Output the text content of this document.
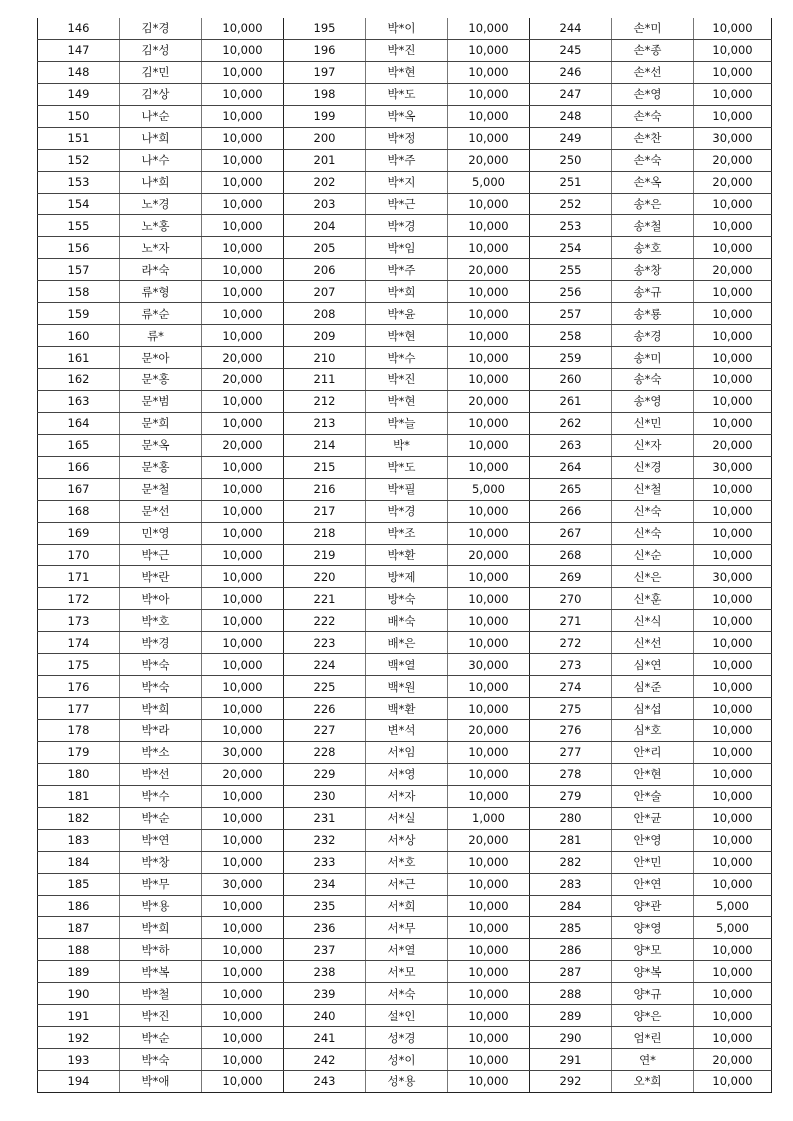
146	김*경	10,000	195	박*이	10,000	244	손*미	10,000
147	김*성	10,000	196	박*진	10,000	245	손*종	10,000
148	김*민	10,000	197	박*현	10,000	246	손*선	10,000
149	김*상	10,000	198	박*도	10,000	247	손*영	10,000
150	나*순	10,000	199	박*옥	10,000	248	손*숙	10,000
151	나*희	10,000	200	박*정	10,000	249	손*찬	30,000
152	나*수	10,000	201	박*주	20,000	250	손*숙	20,000
153	나*희	10,000	202	박*지	5,000	251	손*옥	20,000
154	노*경	10,000	203	박*근	10,000	252	송*은	10,000
155	노*홍	10,000	204	박*경	10,000	253	송*철	10,000
156	노*자	10,000	205	박*임	10,000	254	송*호	10,000
157	라*숙	10,000	206	박*주	20,000	255	송*창	20,000
158	류*형	10,000	207	박*희	10,000	256	송*규	10,000
159	류*순	10,000	208	박*윤	10,000	257	송*룡	10,000
160	류*	10,000	209	박*현	10,000	258	송*경	10,000
161	문*아	20,000	210	박*수	10,000	259	송*미	10,000
162	문*홍	20,000	211	박*진	10,000	260	송*숙	10,000
163	문*범	10,000	212	박*현	20,000	261	송*영	10,000
164	문*희	10,000	213	박*늘	10,000	262	신*민	10,000
165	문*옥	20,000	214	박*	10,000	263	신*자	20,000
166	문*홍	10,000	215	박*도	10,000	264	신*경	30,000
167	문*철	10,000	216	박*필	5,000	265	신*철	10,000
168	문*선	10,000	217	박*경	10,000	266	신*숙	10,000
169	민*영	10,000	218	박*조	10,000	267	신*숙	10,000
170	박*근	10,000	219	박*환	20,000	268	신*순	10,000
171	박*란	10,000	220	방*제	10,000	269	신*은	30,000
172	박*아	10,000	221	방*숙	10,000	270	신*훈	10,000
173	박*호	10,000	222	배*숙	10,000	271	신*식	10,000
174	박*경	10,000	223	배*은	10,000	272	신*선	10,000
175	박*숙	10,000	224	백*열	30,000	273	심*연	10,000
176	박*숙	10,000	225	백*원	10,000	274	심*준	10,000
177	박*희	10,000	226	백*환	10,000	275	심*섭	10,000
178	박*라	10,000	227	변*석	20,000	276	심*호	10,000
179	박*소	30,000	228	서*임	10,000	277	안*리	10,000
180	박*선	20,000	229	서*영	10,000	278	안*현	10,000
181	박*수	10,000	230	서*자	10,000	279	안*술	10,000
182	박*순	10,000	231	서*실	1,000	280	안*균	10,000
183	박*연	10,000	232	서*상	20,000	281	안*영	10,000
184	박*창	10,000	233	서*호	10,000	282	안*민	10,000
185	박*무	30,000	234	서*근	10,000	283	안*연	10,000
186	박*용	10,000	235	서*희	10,000	284	양*관	5,000
187	박*희	10,000	236	서*무	10,000	285	양*영	5,000
188	박*하	10,000	237	서*열	10,000	286	양*모	10,000
189	박*복	10,000	238	서*모	10,000	287	양*복	10,000
190	박*철	10,000	239	서*숙	10,000	288	양*규	10,000
191	박*진	10,000	240	설*인	10,000	289	양*은	10,000
192	박*순	10,000	241	성*경	10,000	290	엄*린	10,000
193	박*숙	10,000	242	성*이	10,000	291	연*	20,000
194	박*애	10,000	243	성*용	10,000	292	오*희	10,000
